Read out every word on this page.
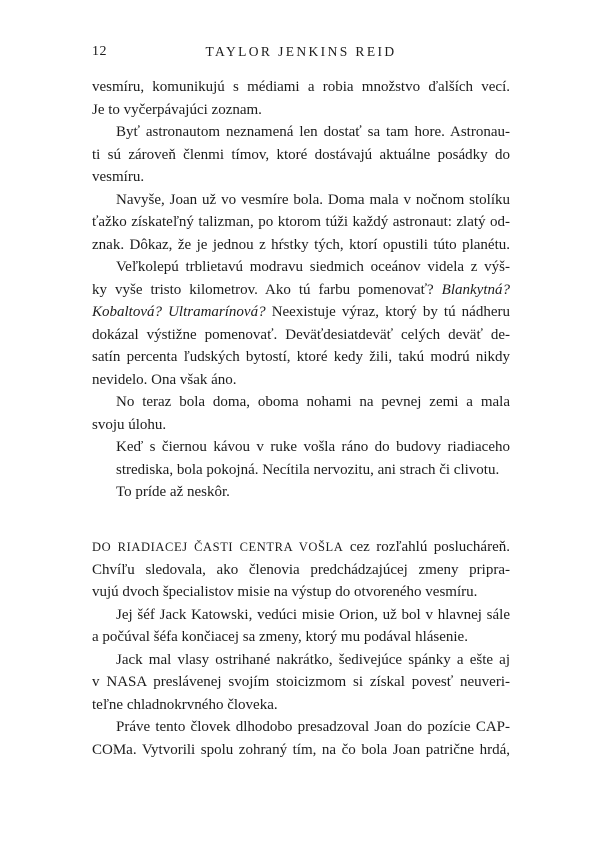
12	TAYLOR JENKINS REID
vesmíru, komunikujú s médiami a robia množstvo ďalších vecí.
Je to vyčerpávajúci zoznam.
Byť astronautom neznamená len dostať sa tam hore. Astronau-
ti sú zároveň členmi tímov, ktoré dostávajú aktuálne posádky do
vesmíru.
Navyše, Joan už vo vesmíre bola. Doma mala v nočnom stolíku
ťažko získateľný talizman, po ktorom túži každý astronaut: zlatý od-
znak. Dôkaz, že je jednou z hŕstky tých, ktorí opustili túto planétu.
Veľkolepú trblietavú modravu siedmich oceánov videla z výš-
ky vyše tristo kilometrov. Ako tú farbu pomenovať? Blankytná?
Kobaltová? Ultramarínová? Neexistuje výraz, ktorý by tú nádheru
dokázal výstižne pomenovať. Deväťdesiatdeväť celých deväť de-
satín percenta ľudských bytostí, ktoré kedy žili, takú modrú nikdy
nevidelo. Ona však áno.
No teraz bola doma, oboma nohami na pevnej zemi a mala
svoju úlohu.
Keď s čiernou kávou v ruke vošla ráno do budovy riadiaceho
strediska, bola pokojná. Necítila nervozitu, ani strach či clivotu.
To príde až neskôr.
DO RIADIACEJ ČASTI CENTRA VOŠLA cez rozľahlú poslucháreň.
Chvíľu sledovala, ako členovia predchádzajúcej zmeny pripra-
vujú dvoch špecialistov misie na výstup do otvoreného vesmíru.
Jej šéf Jack Katowski, vedúci misie Orion, už bol v hlavnej sále
a počúval šéfa končiacej sa zmeny, ktorý mu podával hlásenie.
Jack mal vlasy ostrihané nakrátko, šedivejúce spánky a ešte aj
v NASA preslávenej svojím stoicizmom si získal povesť neuveri-
teľne chladnokrvného človeka.
Práve tento človek dlhodobo presadzoval Joan do pozície CAP-
COMa. Vytvorili spolu zohraný tím, na čo bola Joan patrične hrdá,
